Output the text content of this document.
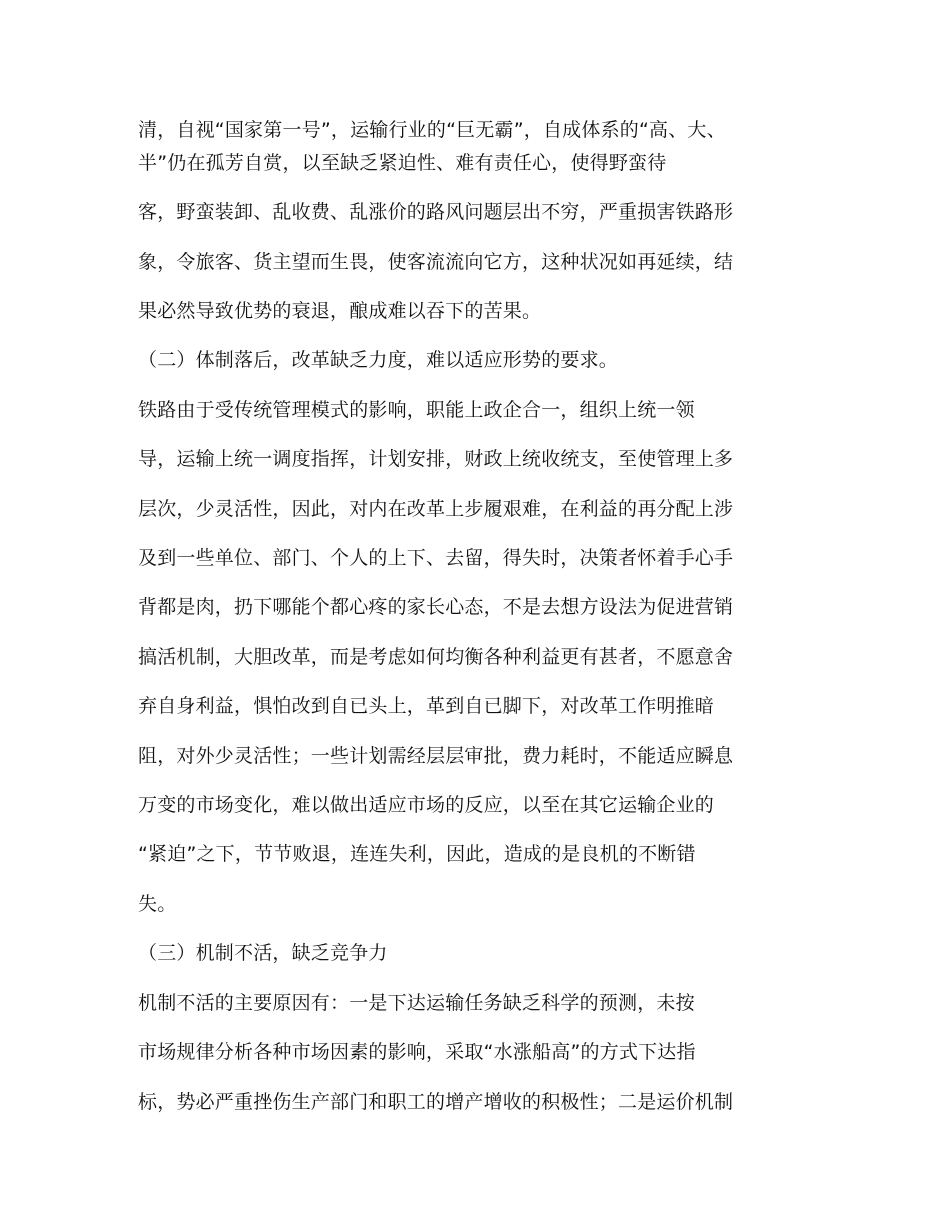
清，自视“国家第一号”，运输行业的“巨无霸”，自成体系的“高、大、
半”仍在孤芳自赏，以至缺乏紧迫性、难有责任心，使得野蛮待
客，野蛮装卸、乱收费、乱涨价的路风问题层出不穷，严重损害铁路形
象，令旅客、货主望而生畏，使客流流向它方，这种状况如再延续，结
果必然导致优势的衰退，酿成难以吞下的苦果。
（二）体制落后，改革缺乏力度，难以适应形势的要求。
铁路由于受传统管理模式的影响，职能上政企合一，组织上统一领
导，运输上统一调度指挥，计划安排，财政上统收统支，至使管理上多
层次，少灵活性，因此，对内在改革上步履艰难，在利益的再分配上涉
及到一些单位、部门、个人的上下、去留，得失时，决策者怀着手心手
背都是肉，扔下哪能个都心疼的家长心态，不是去想方设法为促进营销
搞活机制，大胆改革，而是考虑如何均衡各种利益更有甚者，不愿意舍
弃自身利益，惧怕改到自已头上，革到自已脚下，对改革工作明推暗
阻，对外少灵活性；一些计划需经层层审批，费力耗时，不能适应瞬息
万变的市场变化，难以做出适应市场的反应，以至在其它运输企业的
“紧迫”之下，节节败退，连连失利，因此，造成的是良机的不断错
失。
（三）机制不活，缺乏竞争力
机制不活的主要原因有：一是下达运输任务缺乏科学的预测，未按
市场规律分析各种市场因素的影响，采取“水涨船高”的方式下达指
标，势必严重挫伤生产部门和职工的增产增收的积极性；二是运价机制
